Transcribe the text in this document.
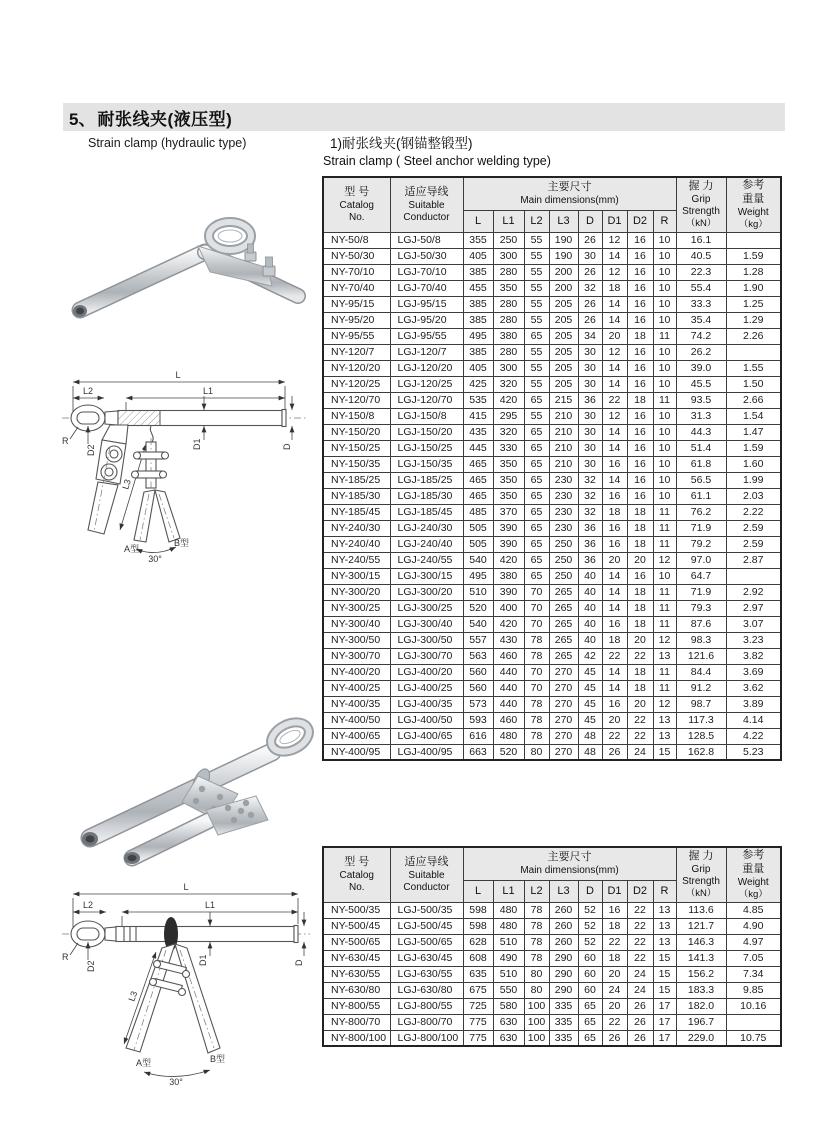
5、 耐张线夹(液压型)
Strain clamp (hydraulic type)	1)耐张线夹(钢锚整锻型)
Strain clamp ( Steel anchor welding type)
L
L2	L1
R
D2
D1	D
L3
A型
B型
30°
L
L2	L1
R
D2
D1	D
L3
A型	B型
30°
型 号
Catalog
No.

适应导线
Suitable
Conductor

主要尺寸
Main dimensions(mm)

握 力
Grip
Strength
（kN）

参考
重量
Weight
（kg）

		L	L1	L2	L3	D	D1	D2	R		
NY-50/8	LGJ-50/8	355	250	55	190	26	12	16	10	16.1	
NY-50/30	LGJ-50/30	405	300	55	190	30	14	16	10	40.5	1.59
NY-70/10	LGJ-70/10	385	280	55	200	26	12	16	10	22.3	1.28
NY-70/40	LGJ-70/40	455	350	55	200	32	18	16	10	55.4	1.90
NY-95/15	LGJ-95/15	385	280	55	205	26	14	16	10	33.3	1.25
NY-95/20	LGJ-95/20	385	280	55	205	26	14	16	10	35.4	1.29
NY-95/55	LGJ-95/55	495	380	65	205	34	20	18	11	74.2	2.26
NY-120/7	LGJ-120/7	385	280	55	205	30	12	16	10	26.2	
NY-120/20	LGJ-120/20	405	300	55	205	30	14	16	10	39.0	1.55
NY-120/25	LGJ-120/25	425	320	55	205	30	14	16	10	45.5	1.50
NY-120/70	LGJ-120/70	535	420	65	215	36	22	18	11	93.5	2.66
NY-150/8	LGJ-150/8	415	295	55	210	30	12	16	10	31.3	1.54
NY-150/20	LGJ-150/20	435	320	65	210	30	14	16	10	44.3	1.47
NY-150/25	LGJ-150/25	445	330	65	210	30	14	16	10	51.4	1.59
NY-150/35	LGJ-150/35	465	350	65	210	30	16	16	10	61.8	1.60
NY-185/25	LGJ-185/25	465	350	65	230	32	14	16	10	56.5	1.99
NY-185/30	LGJ-185/30	465	350	65	230	32	16	16	10	61.1	2.03
NY-185/45	LGJ-185/45	485	370	65	230	32	18	18	11	76.2	2.22
NY-240/30	LGJ-240/30	505	390	65	230	36	16	18	11	71.9	2.59
NY-240/40	LGJ-240/40	505	390	65	250	36	16	18	11	79.2	2.59
NY-240/55	LGJ-240/55	540	420	65	250	36	20	20	12	97.0	2.87
NY-300/15	LGJ-300/15	495	380	65	250	40	14	16	10	64.7	
NY-300/20	LGJ-300/20	510	390	70	265	40	14	18	11	71.9	2.92
NY-300/25	LGJ-300/25	520	400	70	265	40	14	18	11	79.3	2.97
NY-300/40	LGJ-300/40	540	420	70	265	40	16	18	11	87.6	3.07
NY-300/50	LGJ-300/50	557	430	78	265	40	18	20	12	98.3	3.23
NY-300/70	LGJ-300/70	563	460	78	265	42	22	22	13	121.6	3.82
NY-400/20	LGJ-400/20	560	440	70	270	45	14	18	11	84.4	3.69
NY-400/25	LGJ-400/25	560	440	70	270	45	14	18	11	91.2	3.62
NY-400/35	LGJ-400/35	573	440	78	270	45	16	20	12	98.7	3.89
NY-400/50	LGJ-400/50	593	460	78	270	45	20	22	13	117.3	4.14
NY-400/65	LGJ-400/65	616	480	78	270	48	22	22	13	128.5	4.22
NY-400/95	LGJ-400/95	663	520	80	270	48	26	24	15	162.8	5.23
型 号
Catalog
No.

适应导线
Suitable
Conductor

主要尺寸
Main dimensions(mm)

握 力
Grip
Strength
（kN）

参考
重量
Weight
（kg）

		L	L1	L2	L3	D	D1	D2	R		
NY-500/35	LGJ-500/35	598	480	78	260	52	16	22	13	113.6	4.85
NY-500/45	LGJ-500/45	598	480	78	260	52	18	22	13	121.7	4.90
NY-500/65	LGJ-500/65	628	510	78	260	52	22	22	13	146.3	4.97
NY-630/45	LGJ-630/45	608	490	78	290	60	18	22	15	141.3	7.05
NY-630/55	LGJ-630/55	635	510	80	290	60	20	24	15	156.2	7.34
NY-630/80	LGJ-630/80	675	550	80	290	60	24	24	15	183.3	9.85
NY-800/55	LGJ-800/55	725	580	100	335	65	20	26	17	182.0	10.16
NY-800/70	LGJ-800/70	775	630	100	335	65	22	26	17	196.7	
NY-800/100	LGJ-800/100	775	630	100	335	65	26	26	17	229.0	10.75
